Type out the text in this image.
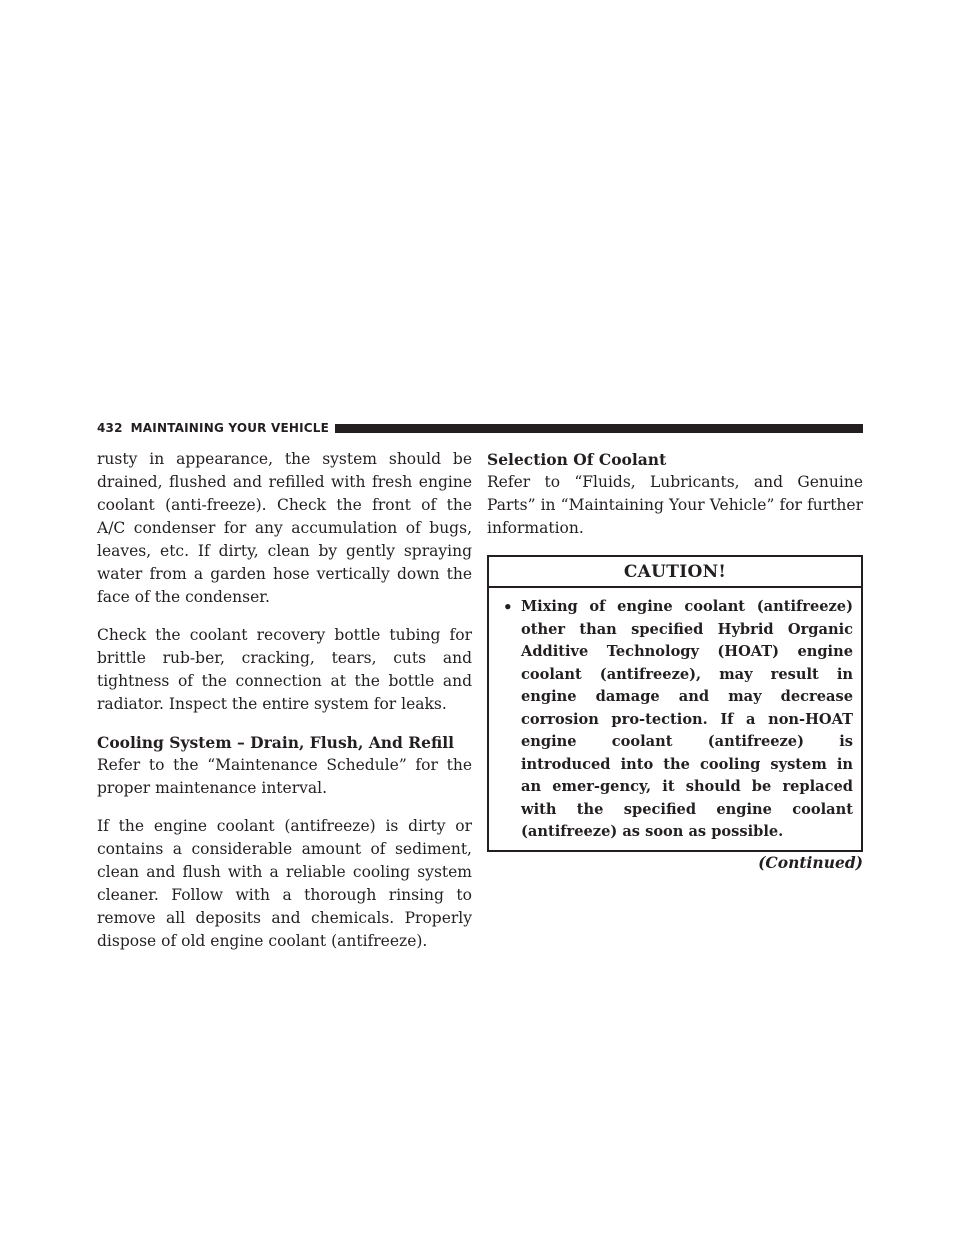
432 MAINTAINING YOUR VEHICLE

rusty in appearance, the system should be drained, flushed and refilled with fresh engine coolant (anti-freeze). Check the front of the A/C condenser for any accumulation of bugs, leaves, etc. If dirty, clean by gently spraying water from a garden hose vertically down the face of the condenser.

Check the coolant recovery bottle tubing for brittle rub-ber, cracking, tears, cuts and tightness of the connection at the bottle and radiator. Inspect the entire system for leaks.

Cooling System – Drain, Flush, And Refill

Refer to the “Maintenance Schedule” for the proper maintenance interval.

If the engine coolant (antifreeze) is dirty or contains a considerable amount of sediment, clean and flush with a reliable cooling system cleaner. Follow with a thorough rinsing to remove all deposits and chemicals. Properly dispose of old engine coolant (antifreeze).

Selection Of Coolant

Refer to “Fluids, Lubricants, and Genuine Parts” in “Maintaining Your Vehicle” for further information.

CAUTION!
• Mixing of engine coolant (antifreeze) other than specified Hybrid Organic Additive Technology (HOAT) engine coolant (antifreeze), may result in engine damage and may decrease corrosion pro-tection. If a non-HOAT engine coolant (antifreeze) is introduced into the cooling system in an emer-gency, it should be replaced with the specified engine coolant (antifreeze) as soon as possible.

(Continued)
